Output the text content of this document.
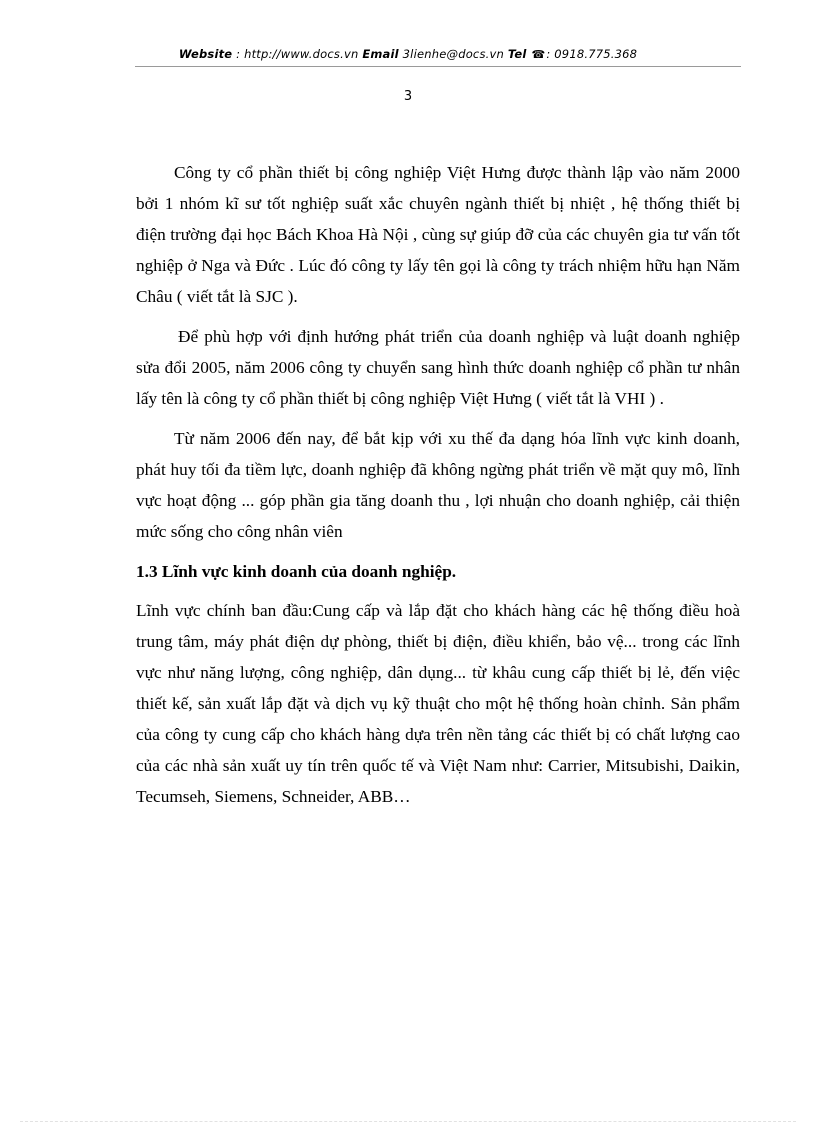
Website : http://www.docs.vn Email 3lienhe@docs.vn Tel ☎: 0918.775.368
3

Công ty cổ phần thiết bị công nghiệp Việt Hưng được thành lập vào năm 2000 bởi 1 nhóm kĩ sư tốt nghiệp suất xắc chuyên ngành thiết bị nhiệt , hệ thống thiết bị điện trường đại học Bách Khoa Hà Nội , cùng sự giúp đỡ của các chuyên gia tư vấn tốt nghiệp ở Nga và Đức . Lúc đó công ty lấy tên gọi là công ty trách nhiệm hữu hạn Năm Châu ( viết tắt là SJC ).

Để phù hợp với định hướng phát triển của doanh nghiệp và luật doanh nghiệp sửa đổi 2005, năm 2006 công ty chuyển sang hình thức doanh nghiệp cổ phần tư nhân lấy tên là công ty cổ phần thiết bị công nghiệp Việt Hưng ( viết tắt là VHI ) .

Từ năm 2006 đến nay, để bắt kịp với xu thế đa dạng hóa lĩnh vực kinh doanh, phát huy tối đa tiềm lực, doanh nghiệp đã không ngừng phát triển về mặt quy mô, lĩnh vực hoạt động ... góp phần gia tăng doanh thu , lợi nhuận cho doanh nghiệp, cải thiện mức sống cho công nhân viên

1.3 Lĩnh vực kinh doanh của doanh nghiệp.

Lĩnh vực chính ban đầu:Cung cấp và lắp đặt cho khách hàng các hệ thống điều hoà trung tâm, máy phát điện dự phòng, thiết bị điện, điều khiển, bảo vệ... trong các lĩnh vực như năng lượng, công nghiệp, dân dụng... từ khâu cung cấp thiết bị lẻ, đến việc thiết kế, sản xuất lắp đặt và dịch vụ kỹ thuật cho một hệ thống hoàn chỉnh. Sản phẩm của công ty cung cấp cho khách hàng dựa trên nền tảng các thiết bị có chất lượng cao của các nhà sản xuất uy tín trên quốc tế và Việt Nam như: Carrier, Mitsubishi, Daikin, Tecumseh, Siemens, Schneider, ABB…
